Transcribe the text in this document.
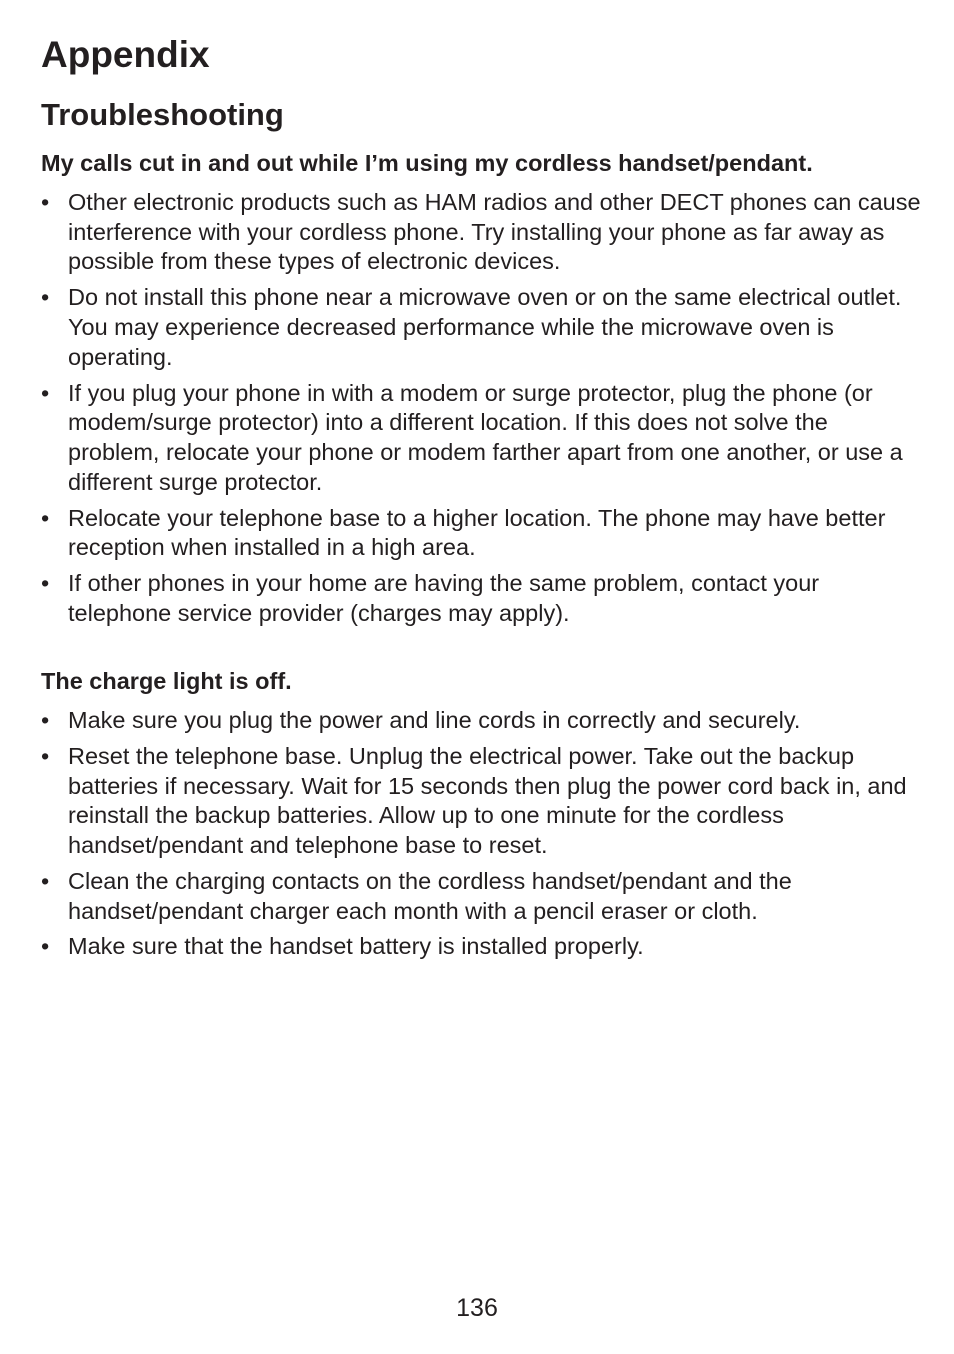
Appendix
Troubleshooting
My calls cut in and out while I’m using my cordless handset/pendant.
• Other electronic products such as HAM radios and other DECT phones can cause interference with your cordless phone. Try installing your phone as far away as possible from these types of electronic devices.
• Do not install this phone near a microwave oven or on the same electrical outlet. You may experience decreased performance while the microwave oven is operating.
• If you plug your phone in with a modem or surge protector, plug the phone (or modem/surge protector) into a different location. If this does not solve the problem, relocate your phone or modem farther apart from one another, or use a different surge protector.
• Relocate your telephone base to a higher location. The phone may have better reception when installed in a high area.
• If other phones in your home are having the same problem, contact your telephone service provider (charges may apply).
The charge light is off.
• Make sure you plug the power and line cords in correctly and securely.
• Reset the telephone base. Unplug the electrical power. Take out the backup batteries if necessary. Wait for 15 seconds then plug the power cord back in, and reinstall the backup batteries. Allow up to one minute for the cordless handset/pendant and telephone base to reset.
• Clean the charging contacts on the cordless handset/pendant and the handset/pendant charger each month with a pencil eraser or cloth.
• Make sure that the handset battery is installed properly.
136
